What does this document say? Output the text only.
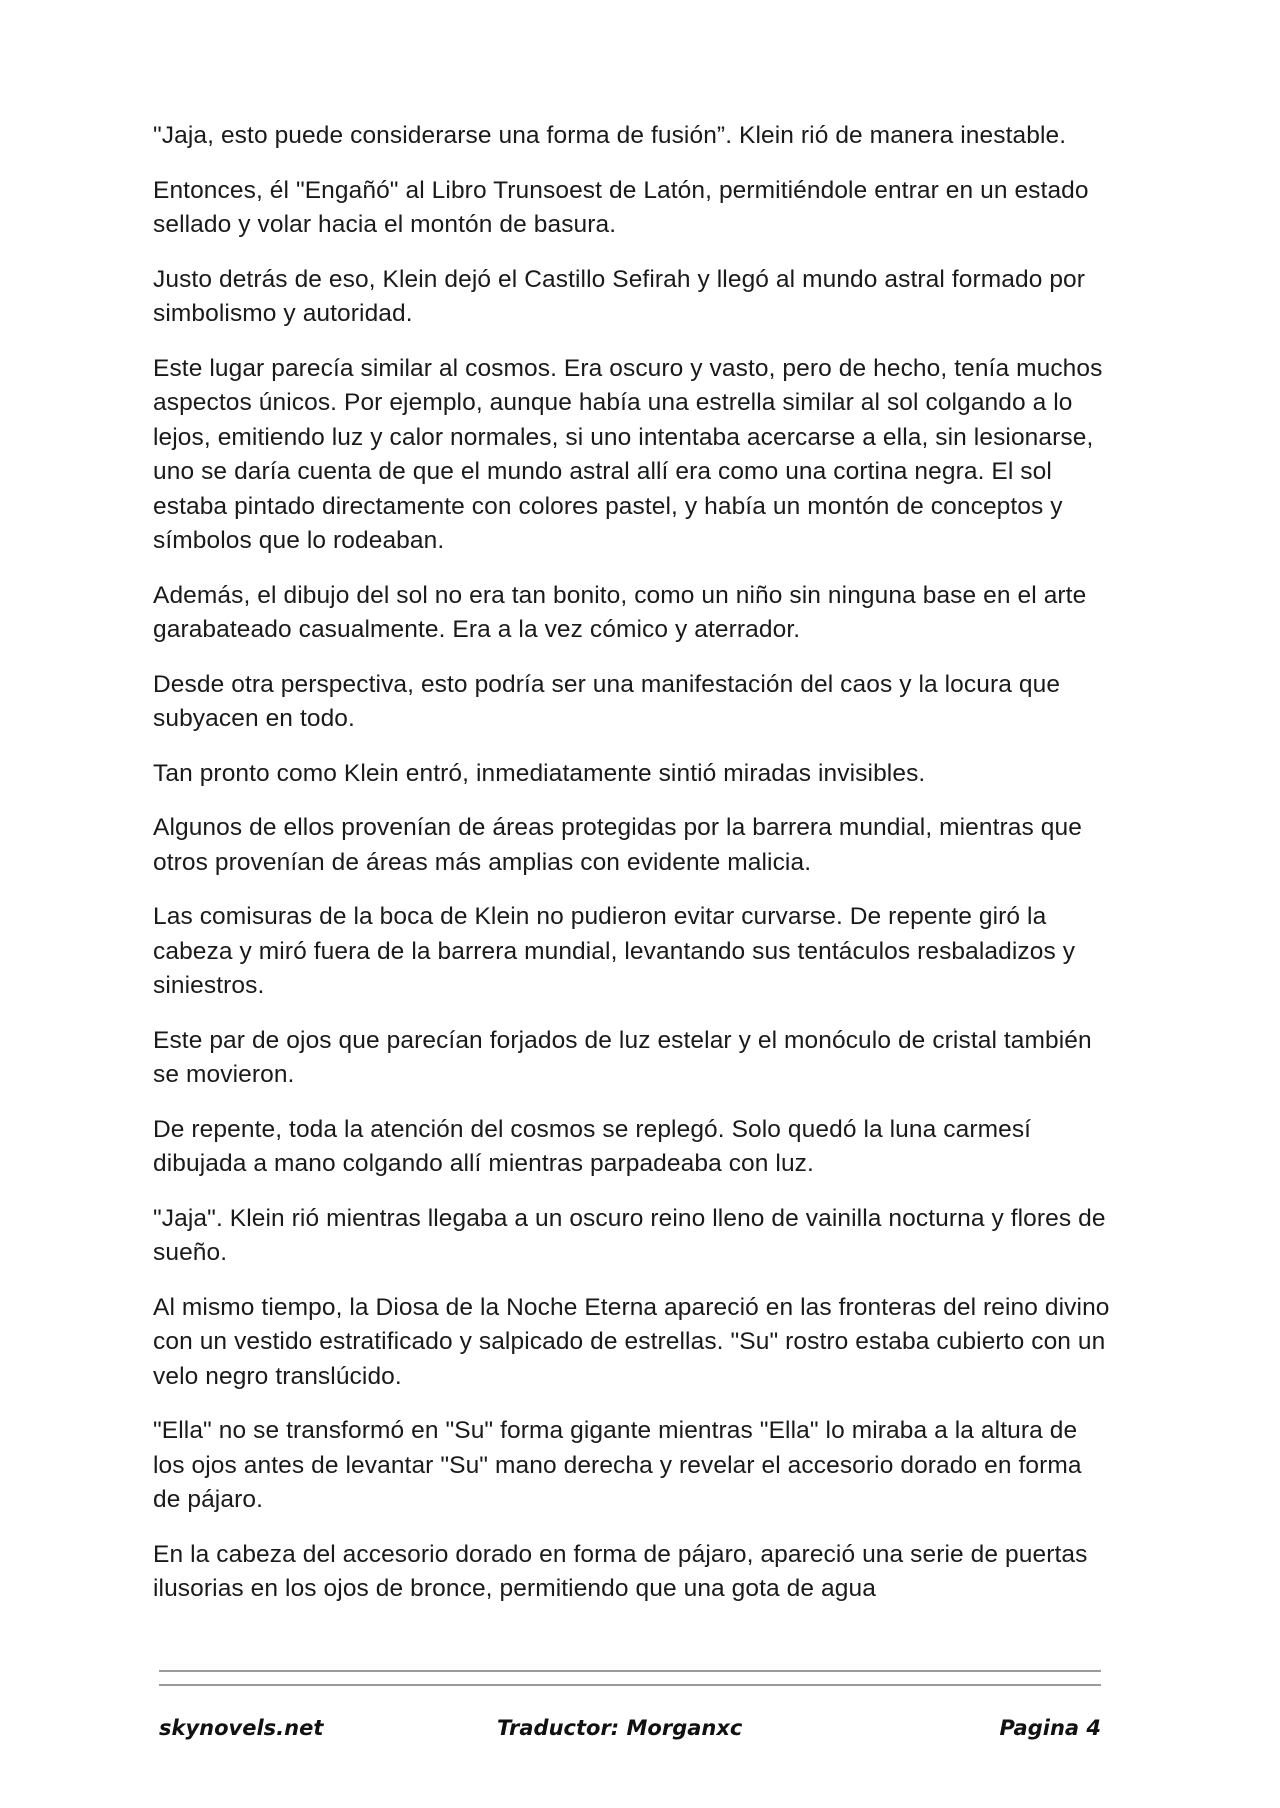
"Jaja, esto puede considerarse una forma de fusión”. Klein rió de manera inestable.

Entonces, él "Engañó" al Libro Trunsoest de Latón, permitiéndole entrar en un estado sellado y volar hacia el montón de basura.

Justo detrás de eso, Klein dejó el Castillo Sefirah y llegó al mundo astral formado por simbolismo y autoridad.

Este lugar parecía similar al cosmos. Era oscuro y vasto, pero de hecho, tenía muchos aspectos únicos. Por ejemplo, aunque había una estrella similar al sol colgando a lo lejos, emitiendo luz y calor normales, si uno intentaba acercarse a ella, sin lesionarse, uno se daría cuenta de que el mundo astral allí era como una cortina negra. El sol estaba pintado directamente con colores pastel, y había un montón de conceptos y símbolos que lo rodeaban.

Además, el dibujo del sol no era tan bonito, como un niño sin ninguna base en el arte garabateado casualmente. Era a la vez cómico y aterrador.

Desde otra perspectiva, esto podría ser una manifestación del caos y la locura que subyacen en todo.

Tan pronto como Klein entró, inmediatamente sintió miradas invisibles.

Algunos de ellos provenían de áreas protegidas por la barrera mundial, mientras que otros provenían de áreas más amplias con evidente malicia.

Las comisuras de la boca de Klein no pudieron evitar curvarse. De repente giró la cabeza y miró fuera de la barrera mundial, levantando sus tentáculos resbaladizos y siniestros.

Este par de ojos que parecían forjados de luz estelar y el monóculo de cristal también se movieron.

De repente, toda la atención del cosmos se replegó. Solo quedó la luna carmesí dibujada a mano colgando allí mientras parpadeaba con luz.

"Jaja". Klein rió mientras llegaba a un oscuro reino lleno de vainilla nocturna y flores de sueño.

Al mismo tiempo, la Diosa de la Noche Eterna apareció en las fronteras del reino divino con un vestido estratificado y salpicado de estrellas. "Su" rostro estaba cubierto con un velo negro translúcido.

"Ella" no se transformó en "Su" forma gigante mientras "Ella" lo miraba a la altura de los ojos antes de levantar "Su" mano derecha y revelar el accesorio dorado en forma de pájaro.

En la cabeza del accesorio dorado en forma de pájaro, apareció una serie de puertas ilusorias en los ojos de bronce, permitiendo que una gota de agua

skynovels.net	Traductor: Morganxc	Pagina 4
